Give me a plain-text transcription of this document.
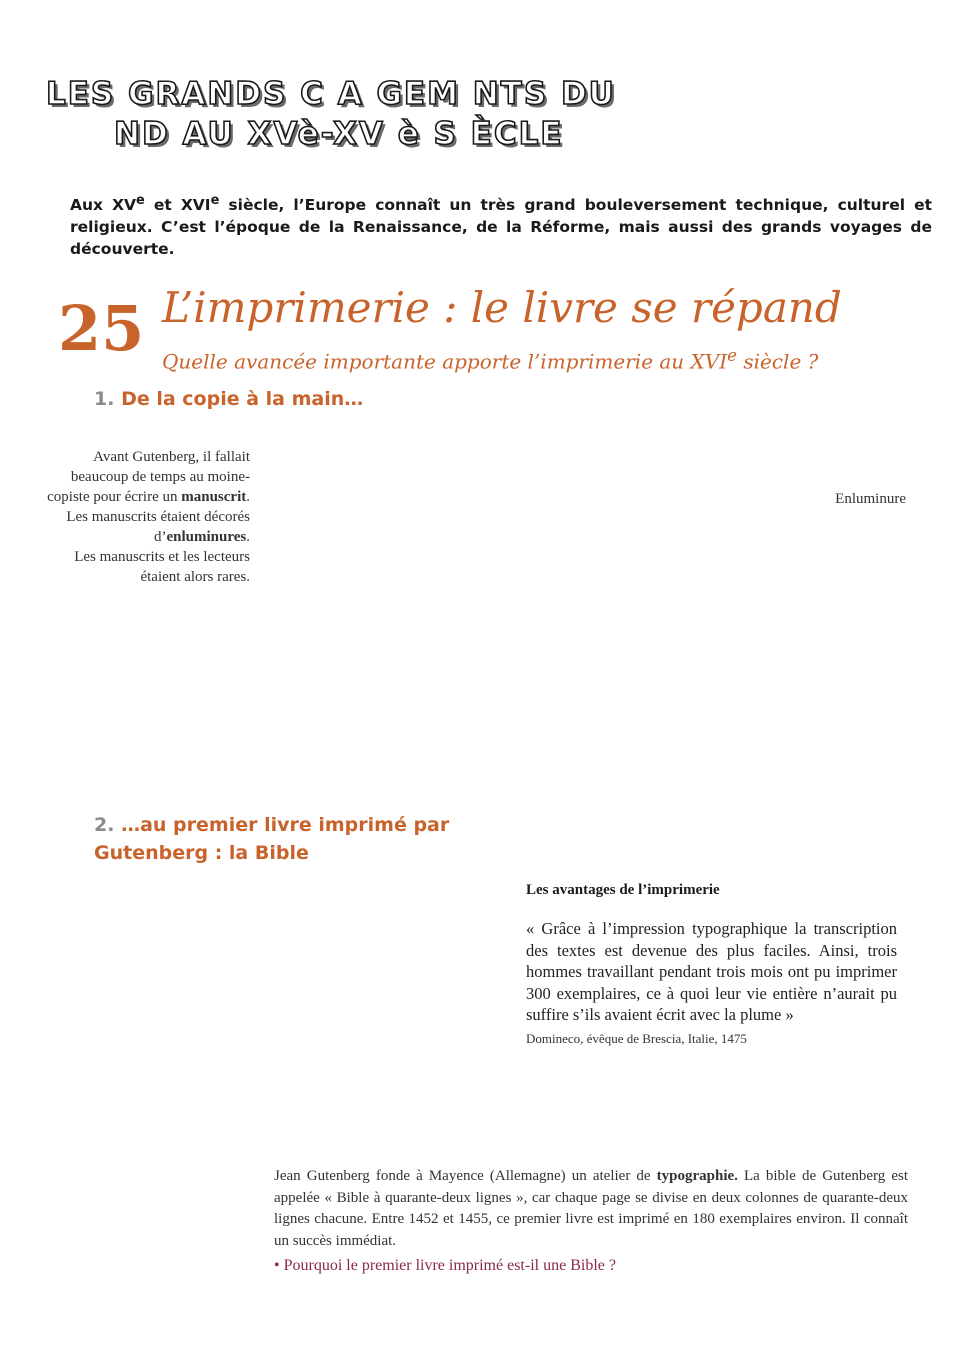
LES GRANDS C A GEM NTS DU
ND AU XVè-XV è S ÈCLE
Aux XVe et XVIe siècle, l’Europe connaît un très grand bouleversement technique, culturel et religieux. C’est l’époque de la Renaissance, de la Réforme, mais aussi des grands voyages de découverte.
25 L’imprimerie : le livre se répand
Quelle avancée importante apporte l’imprimerie au XVIe siècle ?
1. De la copie à la main…
Avant Gutenberg, il fallait beaucoup de temps au moine-copiste pour écrire un manuscrit.
Les manuscrits étaient décorés d’enluminures.
Les manuscrits et les lecteurs étaient alors rares.
Enluminure
2. …au premier livre imprimé par Gutenberg : la Bible
Les avantages de l’imprimerie

« Grâce à l’impression typographique la transcription des textes est devenue des plus faciles. Ainsi, trois hommes travaillant pendant trois mois ont pu imprimer 300 exemplaires, ce à quoi leur vie entière n’aurait pu suffire s’ils avaient écrit avec la plume »

Domineco, évêque de Brescia, Italie, 1475
Jean Gutenberg fonde à Mayence (Allemagne) un atelier de typographie. La bible de Gutenberg est appelée « Bible à quarante-deux lignes », car chaque page se divise en deux colonnes de quarante-deux lignes chacune. Entre 1452 et 1455, ce premier livre est imprimé en 180 exemplaires environ. Il connaît un succès immédiat.
• Pourquoi le premier livre imprimé est-il une Bible ?
